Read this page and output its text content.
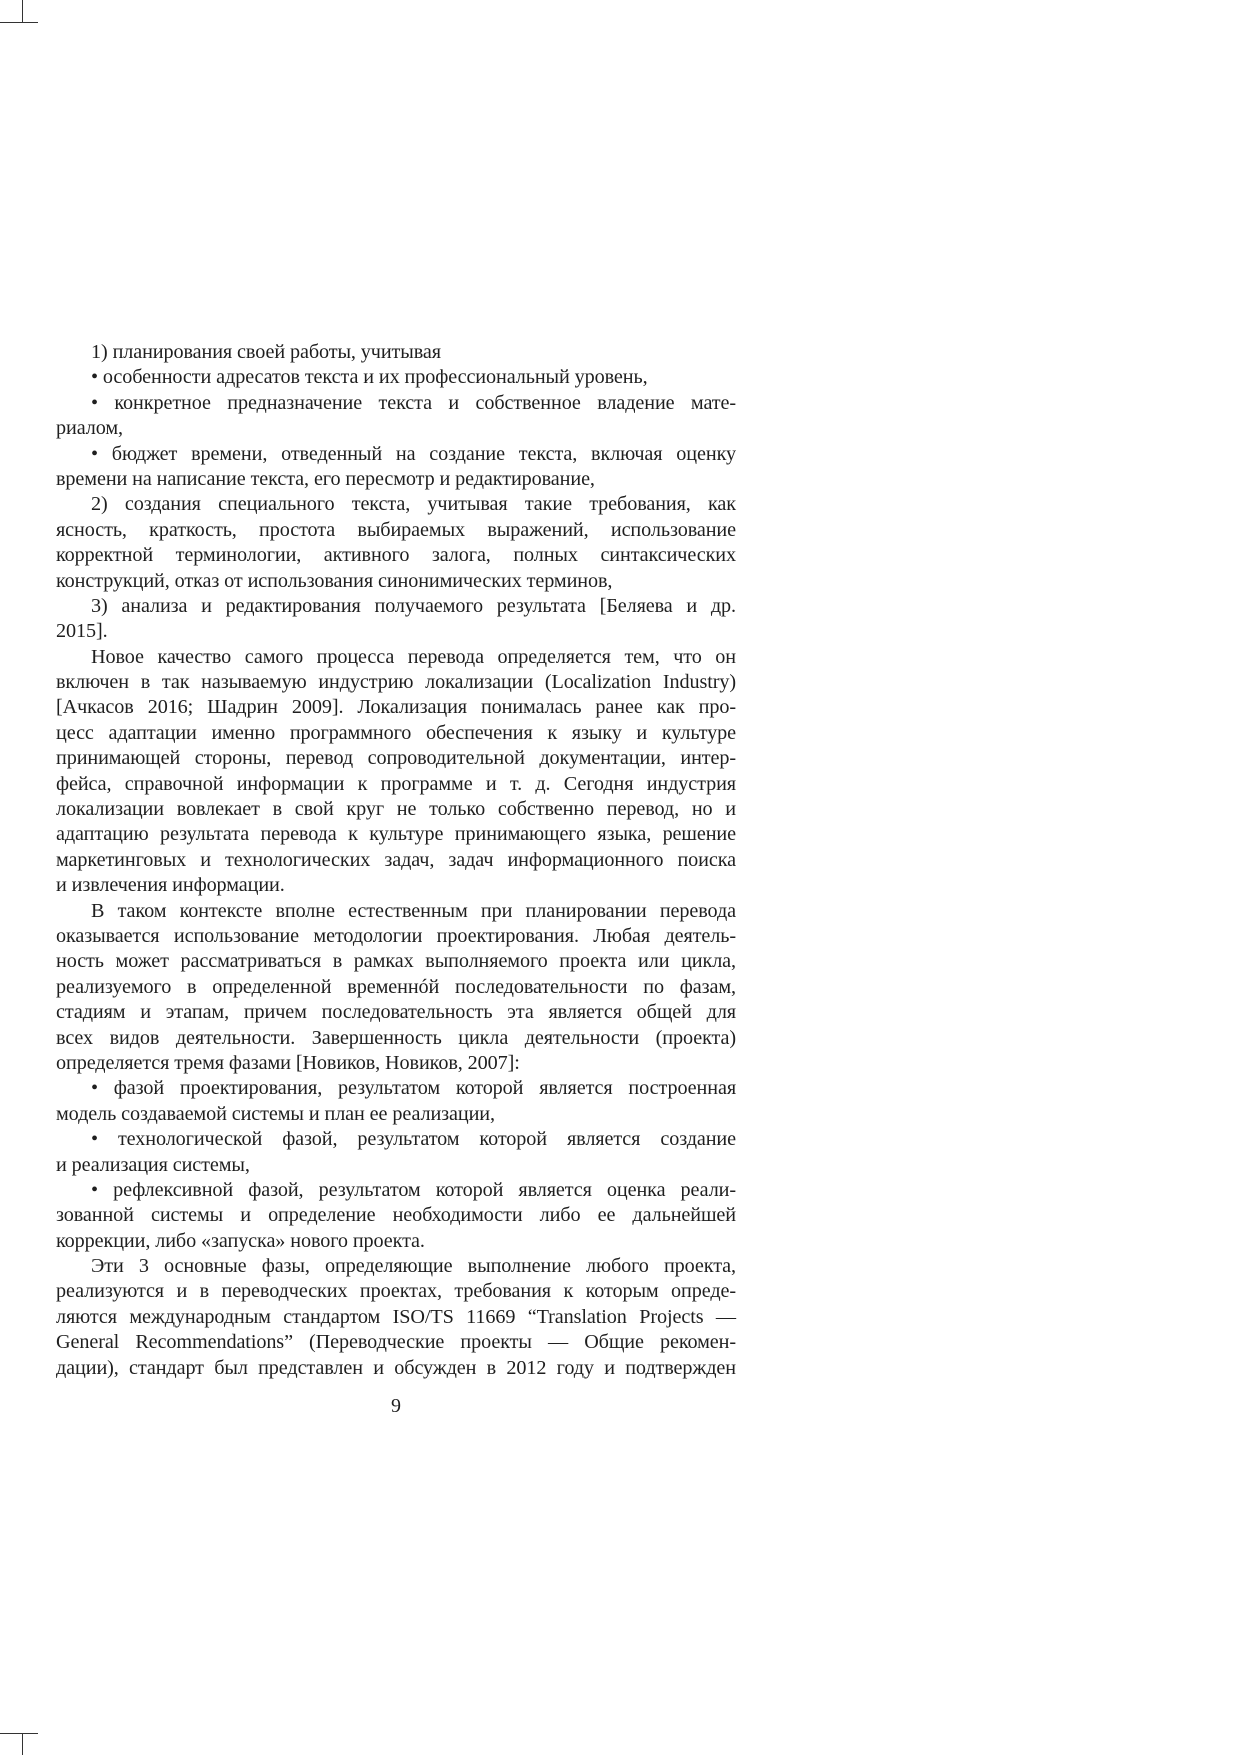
1) планирования своей работы, учитывая
• особенности адресатов текста и их профессиональный уровень,
• конкретное предназначение текста и собственное владение мате-
риалом,
• бюджет времени, отведенный на создание текста, включая оценку
времени на написание текста, его пересмотр и редактирование,
2) создания специального текста, учитывая такие требования, как
ясность, краткость, простота выбираемых выражений, использование
корректной терминологии, активного залога, полных синтаксических
конструкций, отказ от использования синонимических терминов,
3) анализа и редактирования получаемого результата [Беляева и др.
2015].
Новое качество самого процесса перевода определяется тем, что он
включен в так называемую индустрию локализации (Localization Industry)
[Ачкасов 2016; Шадрин 2009]. Локализация понималась ранее как про-
цесс адаптации именно программного обеспечения к языку и культуре
принимающей стороны, перевод сопроводительной документации, интер-
фейса, справочной информации к программе и т. д. Сегодня индустрия
локализации вовлекает в свой круг не только собственно перевод, но и
адаптацию результата перевода к культуре принимающего языка, решение
маркетинговых и технологических задач, задач информационного поиска
и извлечения информации.
В таком контексте вполне естественным при планировании перевода
оказывается использование методологии проектирования. Любая деятель-
ность может рассматриваться в рамках выполняемого проекта или цикла,
реализуемого в определенной временнóй последовательности по фазам,
стадиям и этапам, причем последовательность эта является общей для
всех видов деятельности. Завершенность цикла деятельности (проекта)
определяется тремя фазами [Новиков, Новиков, 2007]:
• фазой проектирования, результатом которой является построенная
модель создаваемой системы и план ее реализации,
• технологической фазой, результатом которой является создание
и реализация системы,
• рефлексивной фазой, результатом которой является оценка реали-
зованной системы и определение необходимости либо ее дальнейшей
коррекции, либо «запуска» нового проекта.
Эти 3 основные фазы, определяющие выполнение любого проекта,
реализуются и в переводческих проектах, требования к которым опреде-
ляются международным стандартом ISO/TS 11669 “Translation Projects —
General Recommendations” (Переводческие проекты — Общие рекомен-
дации), стандарт был представлен и обсужден в 2012 году и подтвержден
9
